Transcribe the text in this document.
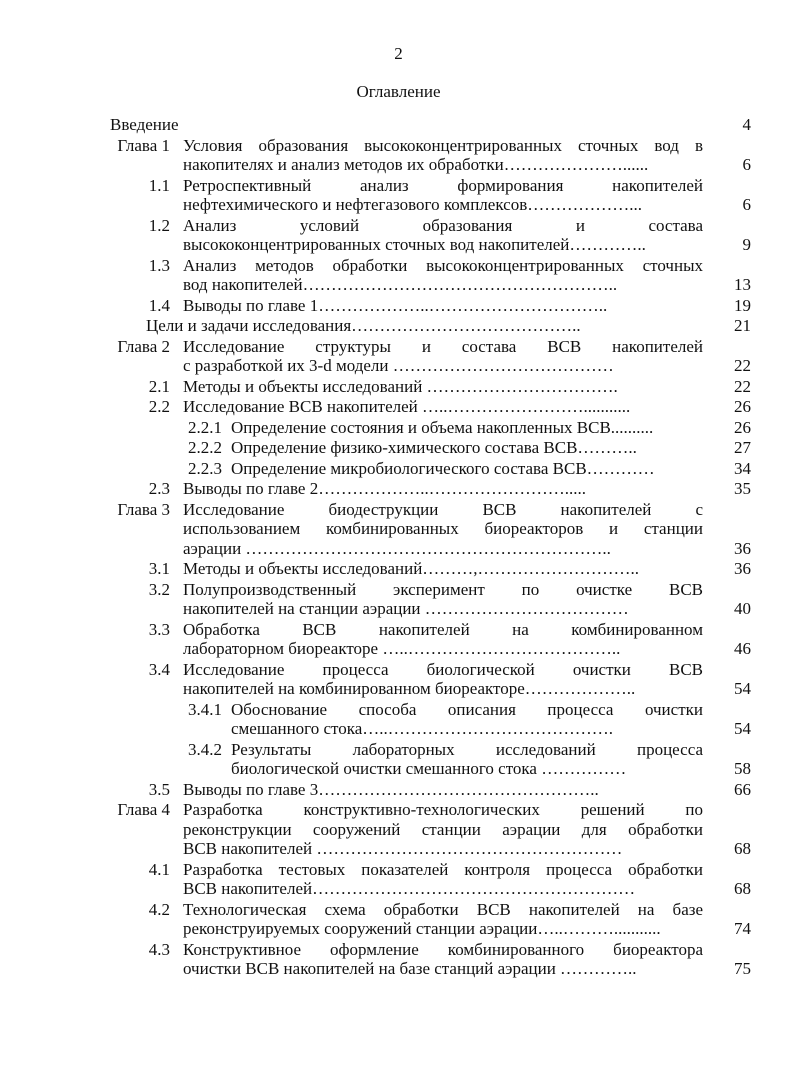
2
Оглавление
Введение	4
Глава 1 Условия образования высококонцентрированных сточных вод в
накопителях и анализ методов их обработки…………………......	6
1.1 Ретроспективный анализ формирования накопителей
нефтехимического и нефтегазового комплексов………………...	6
1.2 Анализ условий образования и состава
высококонцентрированных сточных вод накопителей…………..	9
1.3 Анализ методов обработки высококонцентрированных сточных
вод накопителей………………………………………………..	13
1.4 Выводы по главе 1………………..…………………………..	19
Цели и задачи исследования…………………………………..	21
Глава 2 Исследование структуры и состава ВСВ накопителей
с разработкой их 3-d модели …………………………………	22
2.1 Методы и объекты исследований …………………………….	22
2.2 Исследование ВСВ накопителей …..……………………...........	26
2.2.1 Определение состояния и объема накопленных ВСВ..........	26
2.2.2 Определение физико-химического состава ВСВ………..	27
2.2.3 Определение микробиологического состава ВСВ…………	34
2.3 Выводы по главе 2………………..…………………….....	35
Глава 3 Исследование биодеструкции ВСВ накопителей с
использованием комбинированных биореакторов и станции
аэрации ………………………………………………………..	36
3.1 Методы и объекты исследований………,………………………..	36
3.2 Полупроизводственный эксперимент по очистке ВСВ
накопителей на станции аэрации ………………………………	40
3.3 Обработка ВСВ накопителей на комбинированном
лабораторном биореакторе …..………………………………..	46
3.4 Исследование процесса биологической очистки ВСВ
накопителей на комбинированном биореакторе………………..	54
3.4.1 Обоснование способа описания процесса очистки
смешанного стока…..………………………………….	54
3.4.2 Результаты лабораторных исследований процесса
биологической очистки смешанного стока ……………	58
3.5 Выводы по главе 3…………………………………………..	66
Глава 4 Разработка конструктивно-технологических решений по
реконструкции сооружений станции аэрации для обработки
ВСВ накопителей ………………………………………………	68
4.1 Разработка тестовых показателей контроля процесса обработки
ВСВ накопителей…………………………………………………	68
4.2 Технологическая схема обработки ВСВ накопителей на базе
реконструируемых сооружений станции аэрации…..………...........	74
4.3 Конструктивное оформление комбинированного биореактора
очистки ВСВ накопителей на базе станций аэрации …………..	75
